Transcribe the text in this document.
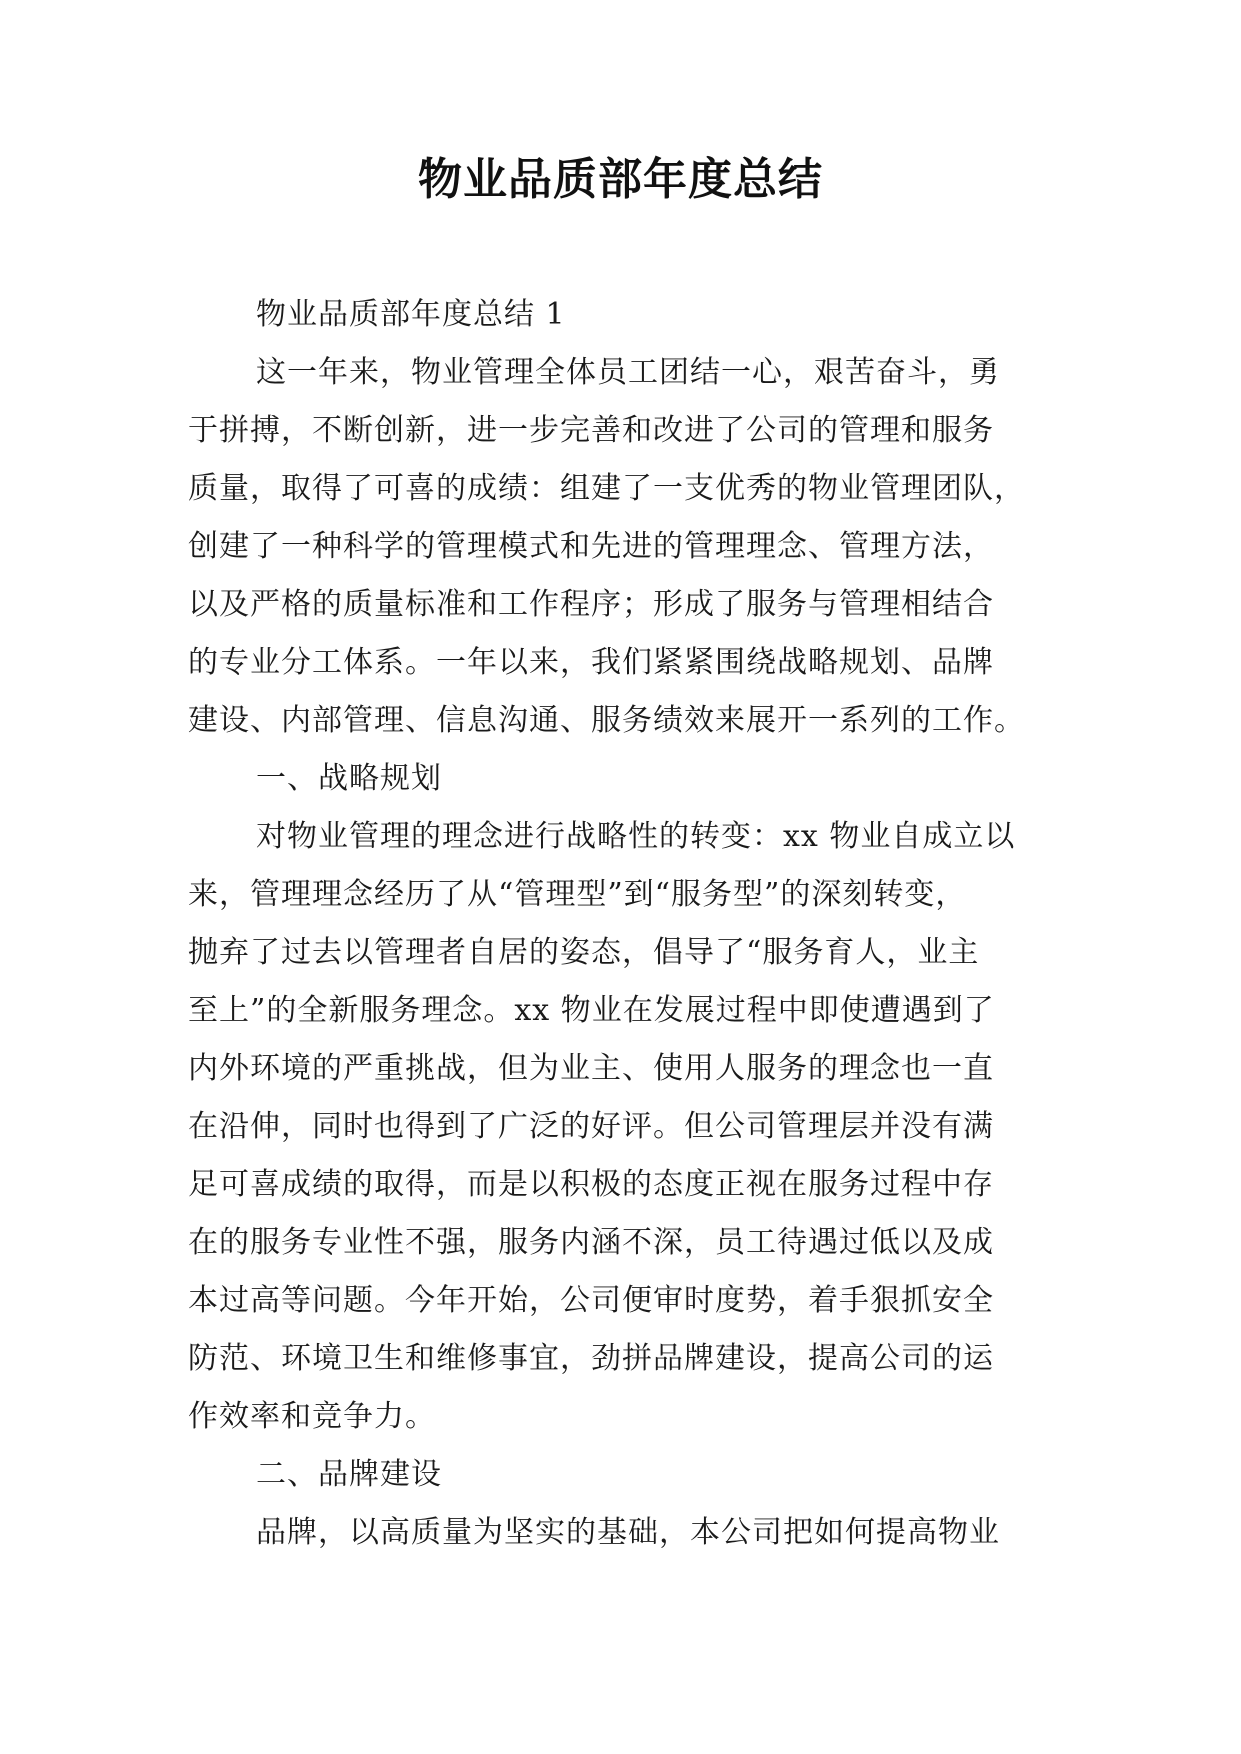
物业品质部年度总结
物业品质部年度总结 1
这一年来，物业管理全体员工团结一心，艰苦奋斗，勇
于拼搏，不断创新，进一步完善和改进了公司的管理和服务
质量，取得了可喜的成绩：组建了一支优秀的物业管理团队，
创建了一种科学的管理模式和先进的管理理念、管理方法，
以及严格的质量标准和工作程序；形成了服务与管理相结合
的专业分工体系。一年以来，我们紧紧围绕战略规划、品牌
建设、内部管理、信息沟通、服务绩效来展开一系列的工作。
一、战略规划
对物业管理的理念进行战略性的转变：xx 物业自成立以
来，管理理念经历了从“管理型”到“服务型”的深刻转变，
抛弃了过去以管理者自居的姿态，倡导了“服务育人，业主
至上”的全新服务理念。xx 物业在发展过程中即使遭遇到了
内外环境的严重挑战，但为业主、使用人服务的理念也一直
在沿伸，同时也得到了广泛的好评。但公司管理层并没有满
足可喜成绩的取得，而是以积极的态度正视在服务过程中存
在的服务专业性不强，服务内涵不深，员工待遇过低以及成
本过高等问题。今年开始，公司便审时度势，着手狠抓安全
防范、环境卫生和维修事宜，劲拼品牌建设，提高公司的运
作效率和竞争力。
二、品牌建设
品牌，以高质量为坚实的基础，本公司把如何提高物业
